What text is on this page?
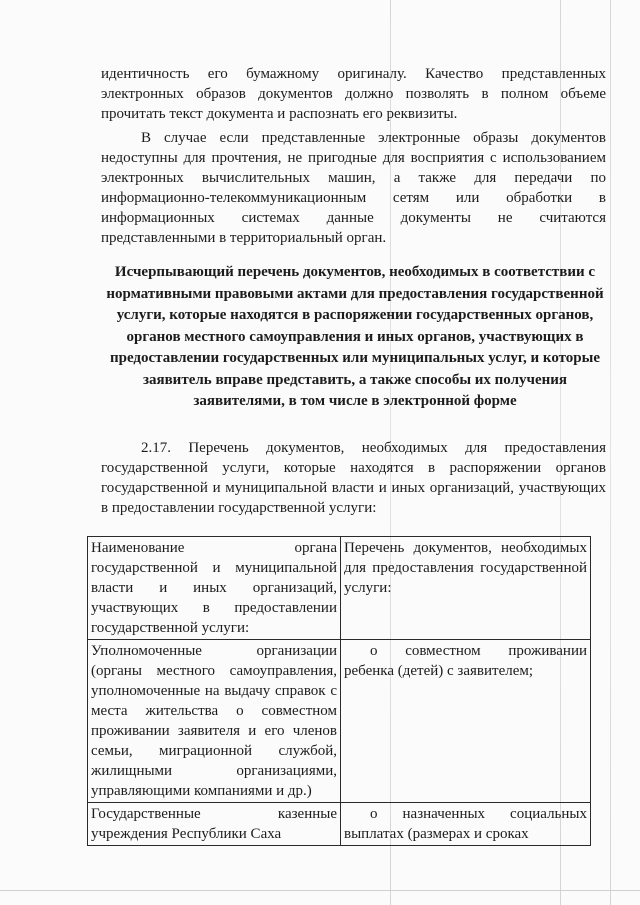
идентичность его бумажному оригиналу. Качество представленных электронных образов документов должно позволять в полном объеме прочитать текст документа и распознать его реквизиты.
В случае если представленные электронные образы документов недоступны для прочтения, не пригодные для восприятия с использованием электронных вычислительных машин, а также для передачи по информационно-телекоммуникационным сетям или обработки в информационных системах данные документы не считаются представленными в территориальный орган.
Исчерпывающий перечень документов, необходимых в соответствии с нормативными правовыми актами для предоставления государственной услуги, которые находятся в распоряжении государственных органов, органов местного самоуправления и иных органов, участвующих в предоставлении государственных или муниципальных услуг, и которые заявитель вправе представить, а также способы их получения заявителями, в том числе в электронной форме
2.17. Перечень документов, необходимых для предоставления государственной услуги, которые находятся в распоряжении органов государственной и муниципальной власти и иных организаций, участвующих в предоставлении государственной услуги:
Наименование органа государственной и муниципальной власти и иных организаций, участвующих в предоставлении государственной услуги:	Перечень документов, необходимых для предоставления государственной услуги:
Уполномоченные организации (органы местного самоуправления, уполномоченные на выдачу справок с места жительства о совместном проживании заявителя и его членов семьи, миграционной службой, жилищными организациями, управляющими компаниями и др.)	о совместном проживании ребенка (детей) с заявителем;
Государственные казенные учреждения Республики Саха	о назначенных социальных выплатах (размерах и сроках
